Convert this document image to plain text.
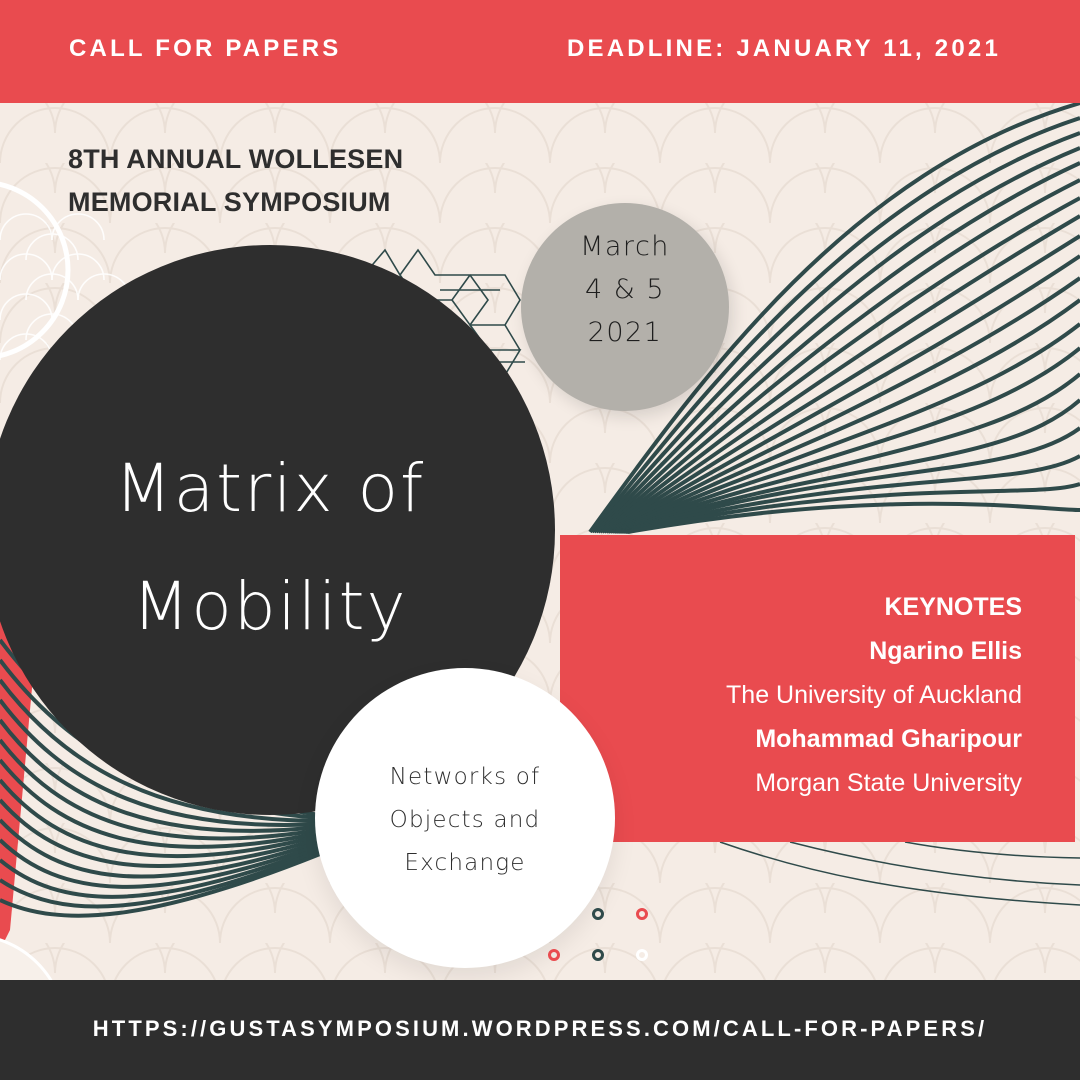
CALL FOR PAPERS	DEADLINE: JANUARY 11, 2021
8TH ANNUAL WOLLESEN
MEMORIAL SYMPOSIUM
KEYNOTES
Ngarino Ellis
The University of Auckland
Mohammad Gharipour
Morgan State University
Matrix of
Mobility
March
4 & 5
2021
Networks of
Objects and
Exchange
HTTPS://GUSTASYMPOSIUM.WORDPRESS.COM/CALL-FOR-PAPERS/
